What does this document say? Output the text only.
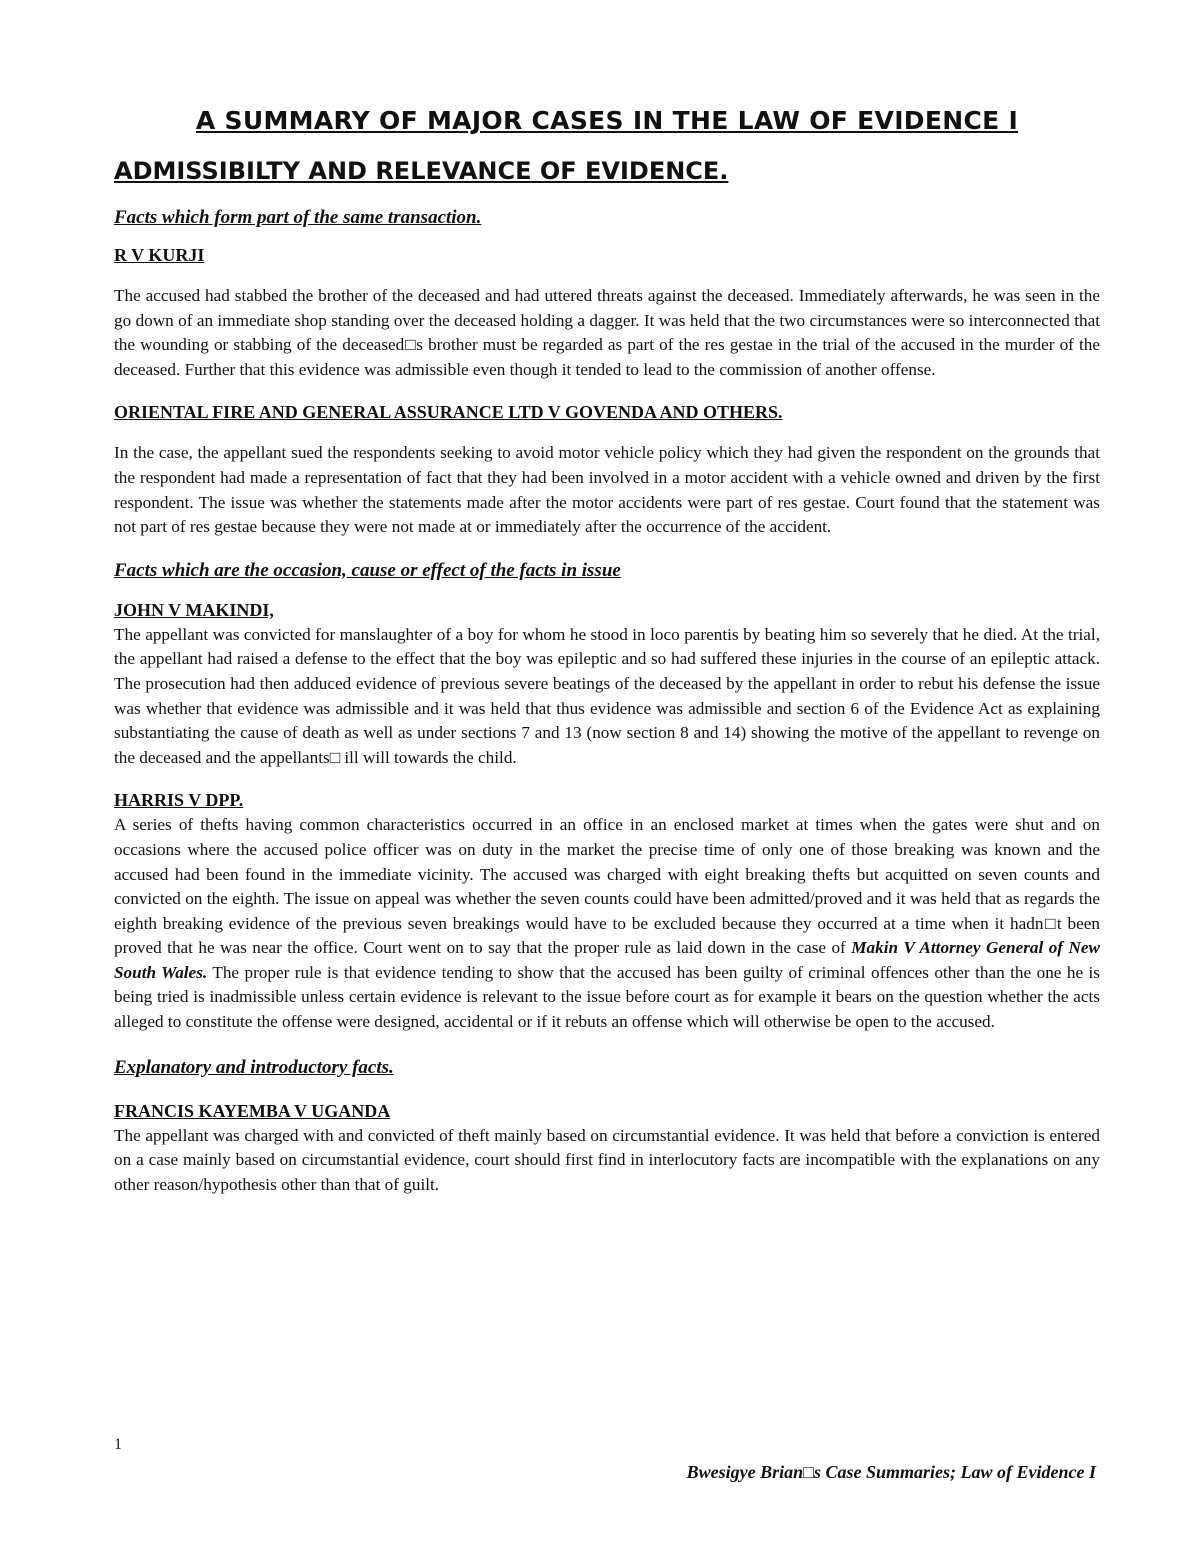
A SUMMARY OF MAJOR CASES IN THE LAW OF EVIDENCE I
ADMISSIBILTY AND RELEVANCE OF EVIDENCE.

Facts which form part of the same transaction.

R V KURJI

The accused had stabbed the brother of the deceased and had uttered threats against the deceased. Immediately afterwards, he was seen in the go down of an immediate shop standing over the deceased holding a dagger. It was held that the two circumstances were so interconnected that the wounding or stabbing of the deceased□s brother must be regarded as part of the res gestae in the trial of the accused in the murder of the deceased. Further that this evidence was admissible even though it tended to lead to the commission of another offense.

ORIENTAL FIRE AND GENERAL ASSURANCE LTD V GOVENDA AND OTHERS.

In the case, the appellant sued the respondents seeking to avoid motor vehicle policy which they had given the respondent on the grounds that the respondent had made a representation of fact that they had been involved in a motor accident with a vehicle owned and driven by the first respondent. The issue was whether the statements made after the motor accidents were part of res gestae. Court found that the statement was not part of res gestae because they were not made at or immediately after the occurrence of the accident.

Facts which are the occasion, cause or effect of the facts in issue

JOHN V MAKINDI,

The appellant was convicted for manslaughter of a boy for whom he stood in loco parentis by beating him so severely that he died. At the trial, the appellant had raised a defense to the effect that the boy was epileptic and so had suffered these injuries in the course of an epileptic attack. The prosecution had then adduced evidence of previous severe beatings of the deceased by the appellant in order to rebut his defense the issue was whether that evidence was admissible and it was held that thus evidence was admissible and section 6 of the Evidence Act as explaining substantiating the cause of death as well as under sections 7 and 13 (now section 8 and 14) showing the motive of the appellant to revenge on the deceased and the appellants□ ill will towards the child.

HARRIS V DPP.

A series of thefts having common characteristics occurred in an office in an enclosed market at times when the gates were shut and on occasions where the accused police officer was on duty in the market the precise time of only one of those breaking was known and the accused had been found in the immediate vicinity. The accused was charged with eight breaking thefts but acquitted on seven counts and convicted on the eighth. The issue on appeal was whether the seven counts could have been admitted/proved and it was held that as regards the eighth breaking evidence of the previous seven breakings would have to be excluded because they occurred at a time when it hadn□t been proved that he was near the office. Court went on to say that the proper rule as laid down in the case of Makin V Attorney General of New South Wales. The proper rule is that evidence tending to show that the accused has been guilty of criminal offences other than the one he is being tried is inadmissible unless certain evidence is relevant to the issue before court as for example it bears on the question whether the acts alleged to constitute the offense were designed, accidental or if it rebuts an offense which will otherwise be open to the accused.

Explanatory and introductory facts.

FRANCIS KAYEMBA V UGANDA

The appellant was charged with and convicted of theft mainly based on circumstantial evidence. It was held that before a conviction is entered on a case mainly based on circumstantial evidence, court should first find in interlocutory facts are incompatible with the explanations on any other reason/hypothesis other than that of guilt.

1
Bwesigye Brian□s Case Summaries; Law of Evidence I
